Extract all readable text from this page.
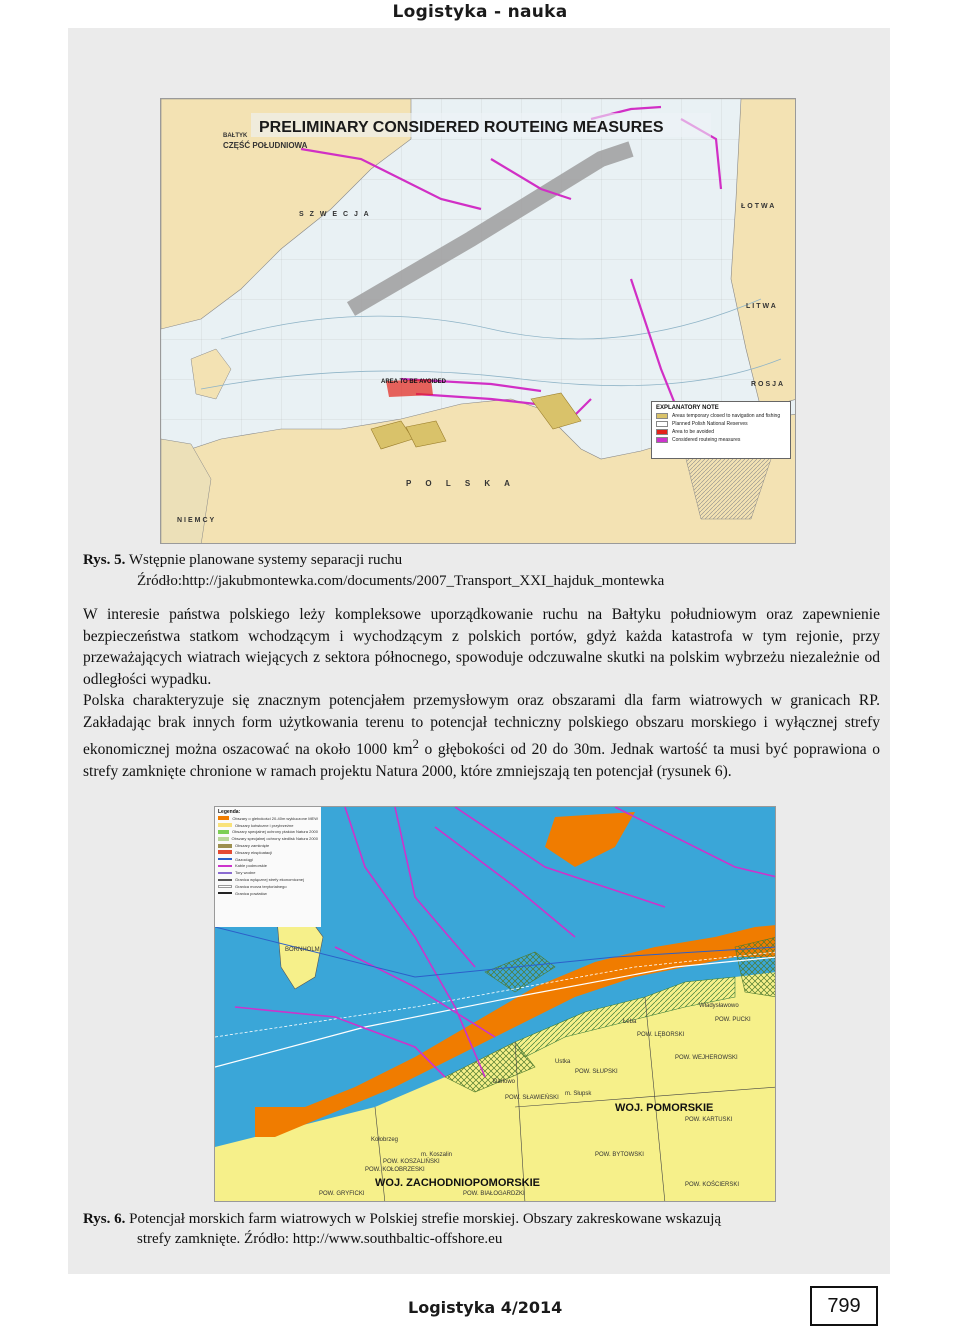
Logistyka - nauka
PRELIMINARY CONSIDERED ROUTEING MEASURES
BAŁTYK
CZĘŚĆ POŁUDNIOWA
S Z W E C J A
ŁOTWA
LITWA
ROSJA
P O L S K A
NIEMCY
AREA TO BE AVOIDED
EXPLANATORY NOTE
Areas temporary closed to navigation and fishing
Planned Polish National Reserves
Area to be avoided
Considered routeing measures
Rys. 5. Wstępnie planowane systemy separacji ruchu
Źródło:http://jakubmontewka.com/documents/2007_Transport_XXI_hajduk_montewka
W interesie państwa polskiego leży kompleksowe uporządkowanie ruchu na Bałtyku południowym oraz zapewnienie bezpieczeństwa statkom wchodzącym i wychodzącym z polskich portów, gdyż każda katastrofa w tym rejonie, przy przeważających wiatrach wiejących z sektora północnego, spowoduje odczuwalne skutki na polskim wybrzeżu niezależnie od odległości wypadku.
Polska charakteryzuje się znacznym potencjałem przemysłowym oraz obszarami dla farm wiatrowych w granicach RP. Zakładając brak innych form użytkowania terenu to potencjał techniczny polskiego obszaru morskiego i wyłącznej strefy ekonomicznej można oszacować na około 1000 $km^2$ o głębokości od 20 do 30m. Jednak wartość ta musi być poprawiona o strefy zamknięte chronione w ramach projektu Natura 2000, które zmniejszają ten potencjał (rysunek 6).
Legenda:
Obszary o glebokości 20-40m wykluczone MEW
Obszary kotwiczne i przybrzeżne
Obszary specjalnej ochrony ptaków Natura 2000
Obszary specjalnej ochrony siedlisk Natura 2000
Obszary zamknięte
Obszary eksploatacji
Gazociągi
Kable podmorskie
Tory wodne
Granica wyłącznej strefy ekonomicznej
Granica morza terytorialnego
Granica powiatów
BORNHOLM
WOJ. POMORSKIE
WOJ. ZACHODNIOPOMORSKIE
POW. SŁUPSKI
POW. WEJHEROWSKI
POW. LĘBORSKI
POW. SŁAWIEŃSKI
POW. KOSZALIŃSKI
POW. KOŁOBRZESKI
POW. GRYFICKI	POW. BIAŁOGARDZKI
POW. BYTOWSKI
POW. KARTUSKI
POW. KOŚCIERSKI
POW. PUCKI
Władysławowo
Ustka
Darłowo
Kołobrzeg
Łeba
m. Słupsk
m. Koszalin
Rys. 6. Potencjał morskich farm wiatrowych w Polskiej strefie morskiej. Obszary zakreskowane wskazują
strefy zamknięte. Źródło: http://www.southbaltic-offshore.eu
Logistyka 4/2014	799
